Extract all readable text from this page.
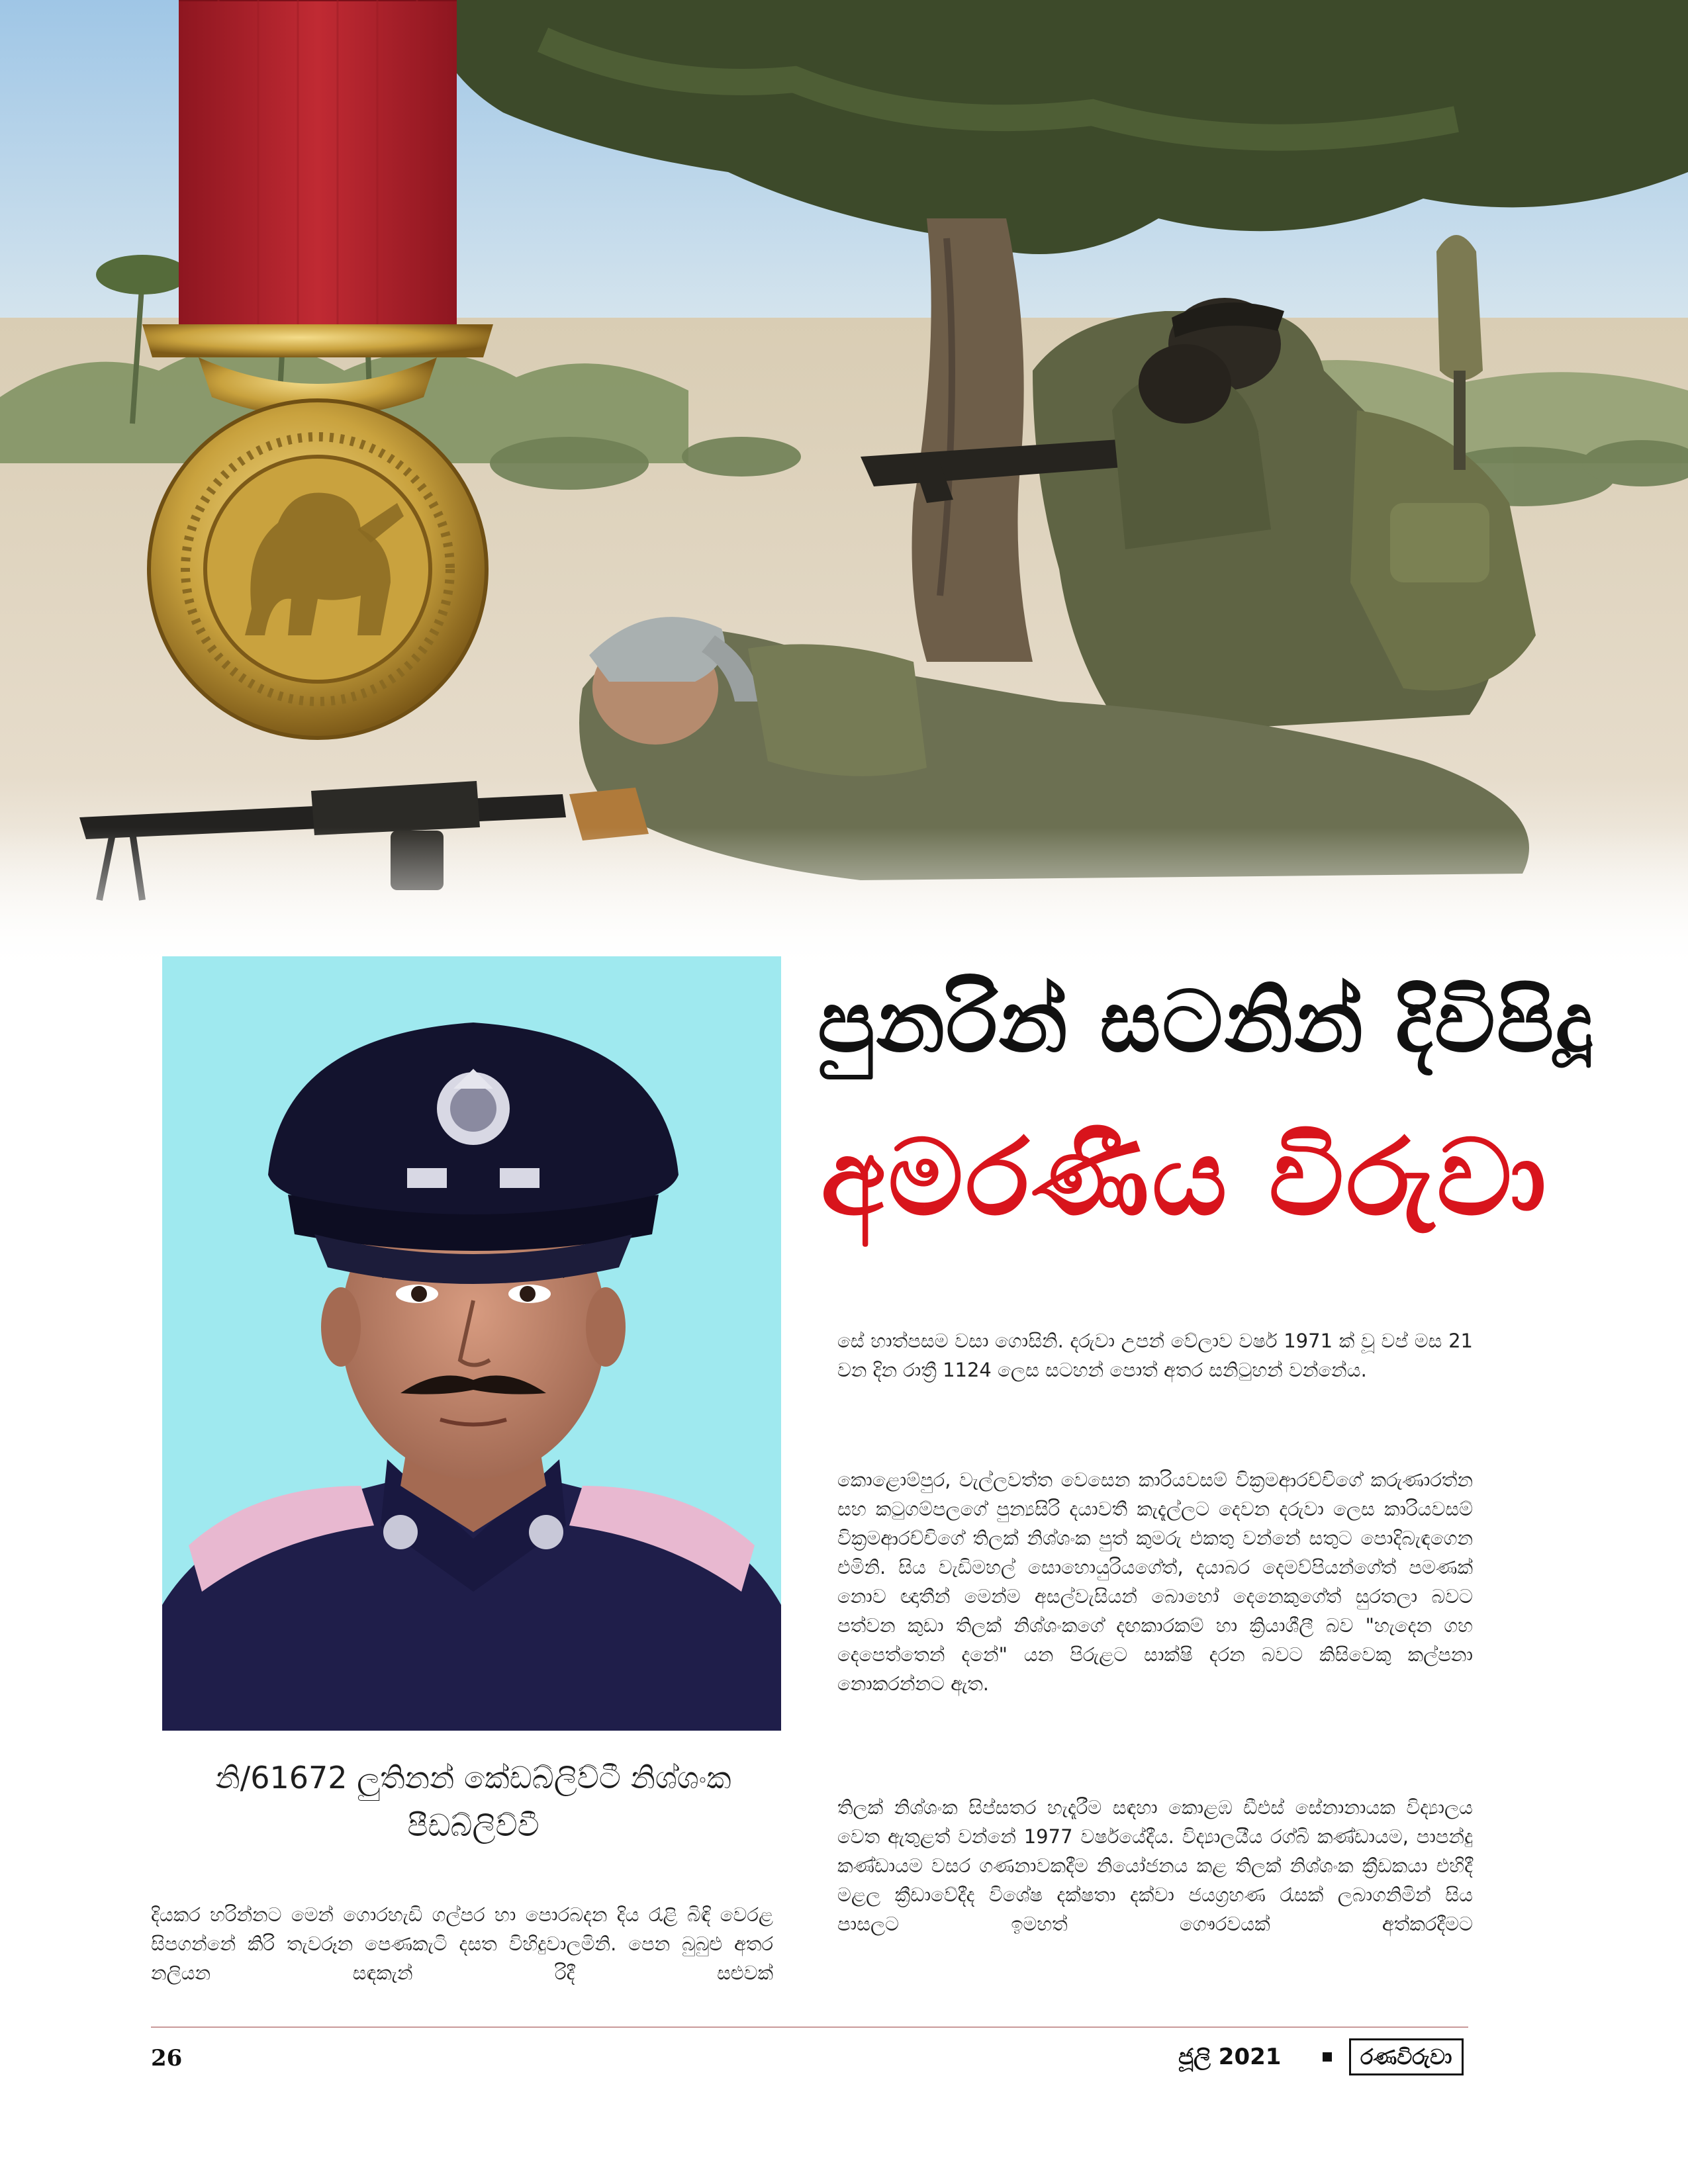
නි/61672 ලුතිනන් කේඩබ්ලිව්ටී නිශ්ශංක
පීඩබ්ලිව්වී
පුනරින් සටනින් දිවිපිදූ
අමරණීය විරුවා

දියකර හරින්නට මෙන් ගොරහැඩි ගල්පර හා පොරබදන දිය රැළි බිඳි වෙරළ සිපගන්නේ කිරි තැවරූන පෙණකැටි දසත විහිදුවාලමිනි. පෙන බුබුළු අතර නලියන සඳකැන් රිදී සළුවක්

සේ හාත්පසම වසා ගොසිනි. දරුවා උපන් වේලාව වර්ෂ 1971 ක් වූ වප් මස 21 වන දින රාත්‍රී 1124 ලෙස සටහන් පොත් අතර සනිටුහන් වන්නේය.

කොළොම්පුර, වැල්ලවත්ත වෙසෙන කාරියවසම් වික්‍රමආරච්චිගේ කරුණාරත්න සහ කටුගම්පලගේ පුන්‍යසිරි දයාවතී කැදැල්ලට දෙවන දරුවා ලෙස කාරියවසම් වික්‍රමආරච්චිගේ තිලක් නිශ්ශංක පුත් කුමරු එකතු වන්නේ සතුට පොදිබැඳගෙන එමිනි. සිය වැඩිමහල් සොහොයුරියගේත්, දයාබර දෙමව්පියන්ගේත් පමණක් නොව ඥාතීන් මෙන්ම අසල්වැසියන් බොහෝ දෙනෙකුගේත් සුරතලා බවට පත්වන කුඩා තිලක් නිශ්ශංකගේ දඟකාරකම් හා ක්‍රියාශීලී බව "හැදෙන ගහ දෙපෙත්තෙන් දනේ" යන පිරුළට සාක්ෂි දරන බවට කිසිවෙකු කල්පනා නොකරන්නට ඇත.

තිලක් නිශ්ශංක සිප්සතර හැදෑරීම සඳහා කොළඹ ඩීඑස් සේනානායක විද්‍යාලය වෙත ඇතුළත් වන්නේ 1977 වර්ෂයේදීය. විද්‍යාලයීය රග්බි කණ්ඩායම, පාපන්දු කණ්ඩායම වසර ගණනාවකදීම නියෝජනය කළ තිලක් නිශ්ශංක ක්‍රීඩකයා එහිදී මළල ක්‍රීඩාවේදීද විශේෂ දක්ෂතා දක්වා ජයග්‍රහණ රැසක් ලබාගනිමින් සිය පාසලට ඉමහත් ගෞරවයක් අත්කරදීමට

26	ජූලි 2021	රණවිරුවා
